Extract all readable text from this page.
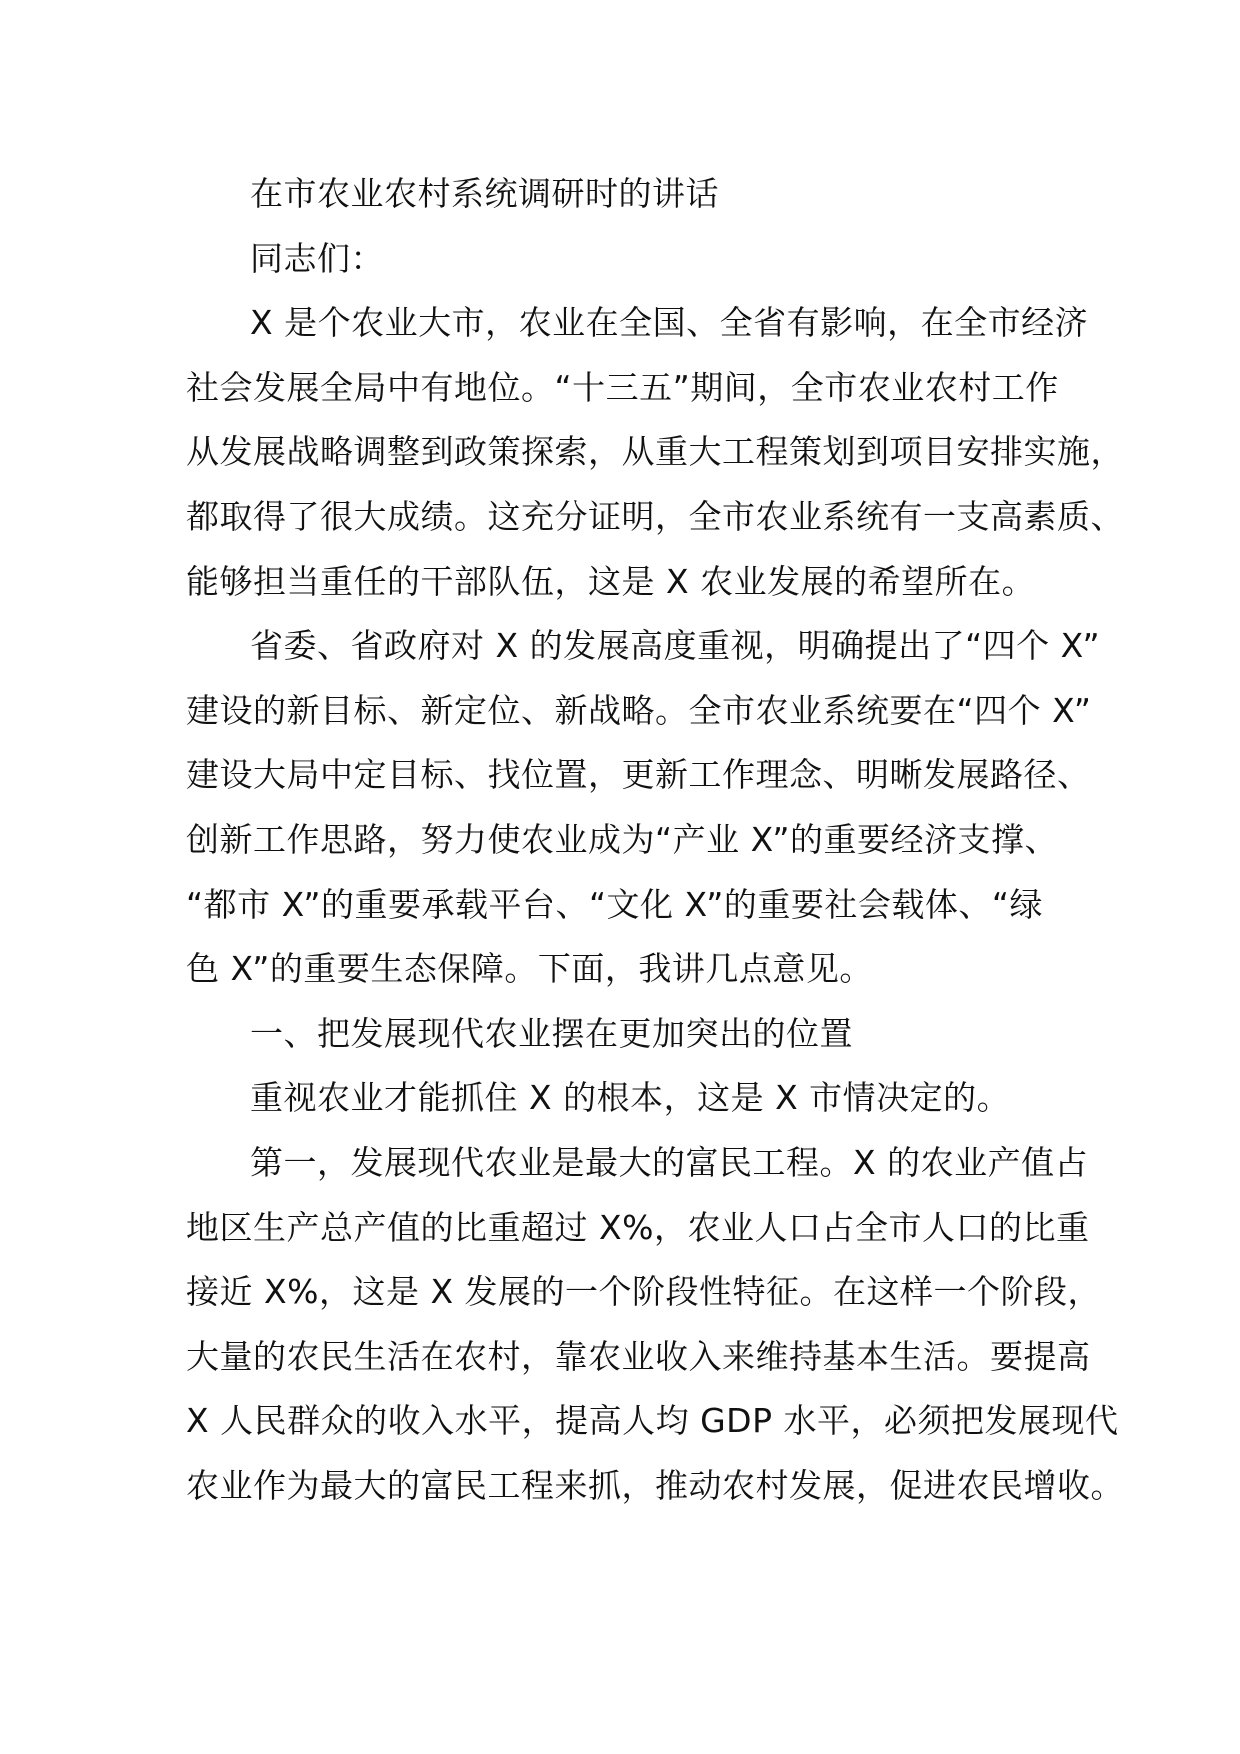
在市农业农村系统调研时的讲话
同志们：
X 是个农业大市，农业在全国、全省有影响，在全市经济
社会发展全局中有地位。“十三五”期间，全市农业农村工作
从发展战略调整到政策探索，从重大工程策划到项目安排实施，
都取得了很大成绩。这充分证明，全市农业系统有一支高素质、
能够担当重任的干部队伍，这是 X 农业发展的希望所在。
省委、省政府对 X 的发展高度重视，明确提出了“四个 X”
建设的新目标、新定位、新战略。全市农业系统要在“四个 X”
建设大局中定目标、找位置，更新工作理念、明晰发展路径、
创新工作思路，努力使农业成为“产业 X”的重要经济支撑、
“都市 X”的重要承载平台、“文化 X”的重要社会载体、“绿
色 X”的重要生态保障。下面，我讲几点意见。
一、把发展现代农业摆在更加突出的位置
重视农业才能抓住 X 的根本，这是 X 市情决定的。
第一，发展现代农业是最大的富民工程。X 的农业产值占
地区生产总产值的比重超过 X%，农业人口占全市人口的比重
接近 X%，这是 X 发展的一个阶段性特征。在这样一个阶段，
大量的农民生活在农村，靠农业收入来维持基本生活。要提高
X 人民群众的收入水平，提高人均 GDP 水平，必须把发展现代
农业作为最大的富民工程来抓，推动农村发展，促进农民增收。
